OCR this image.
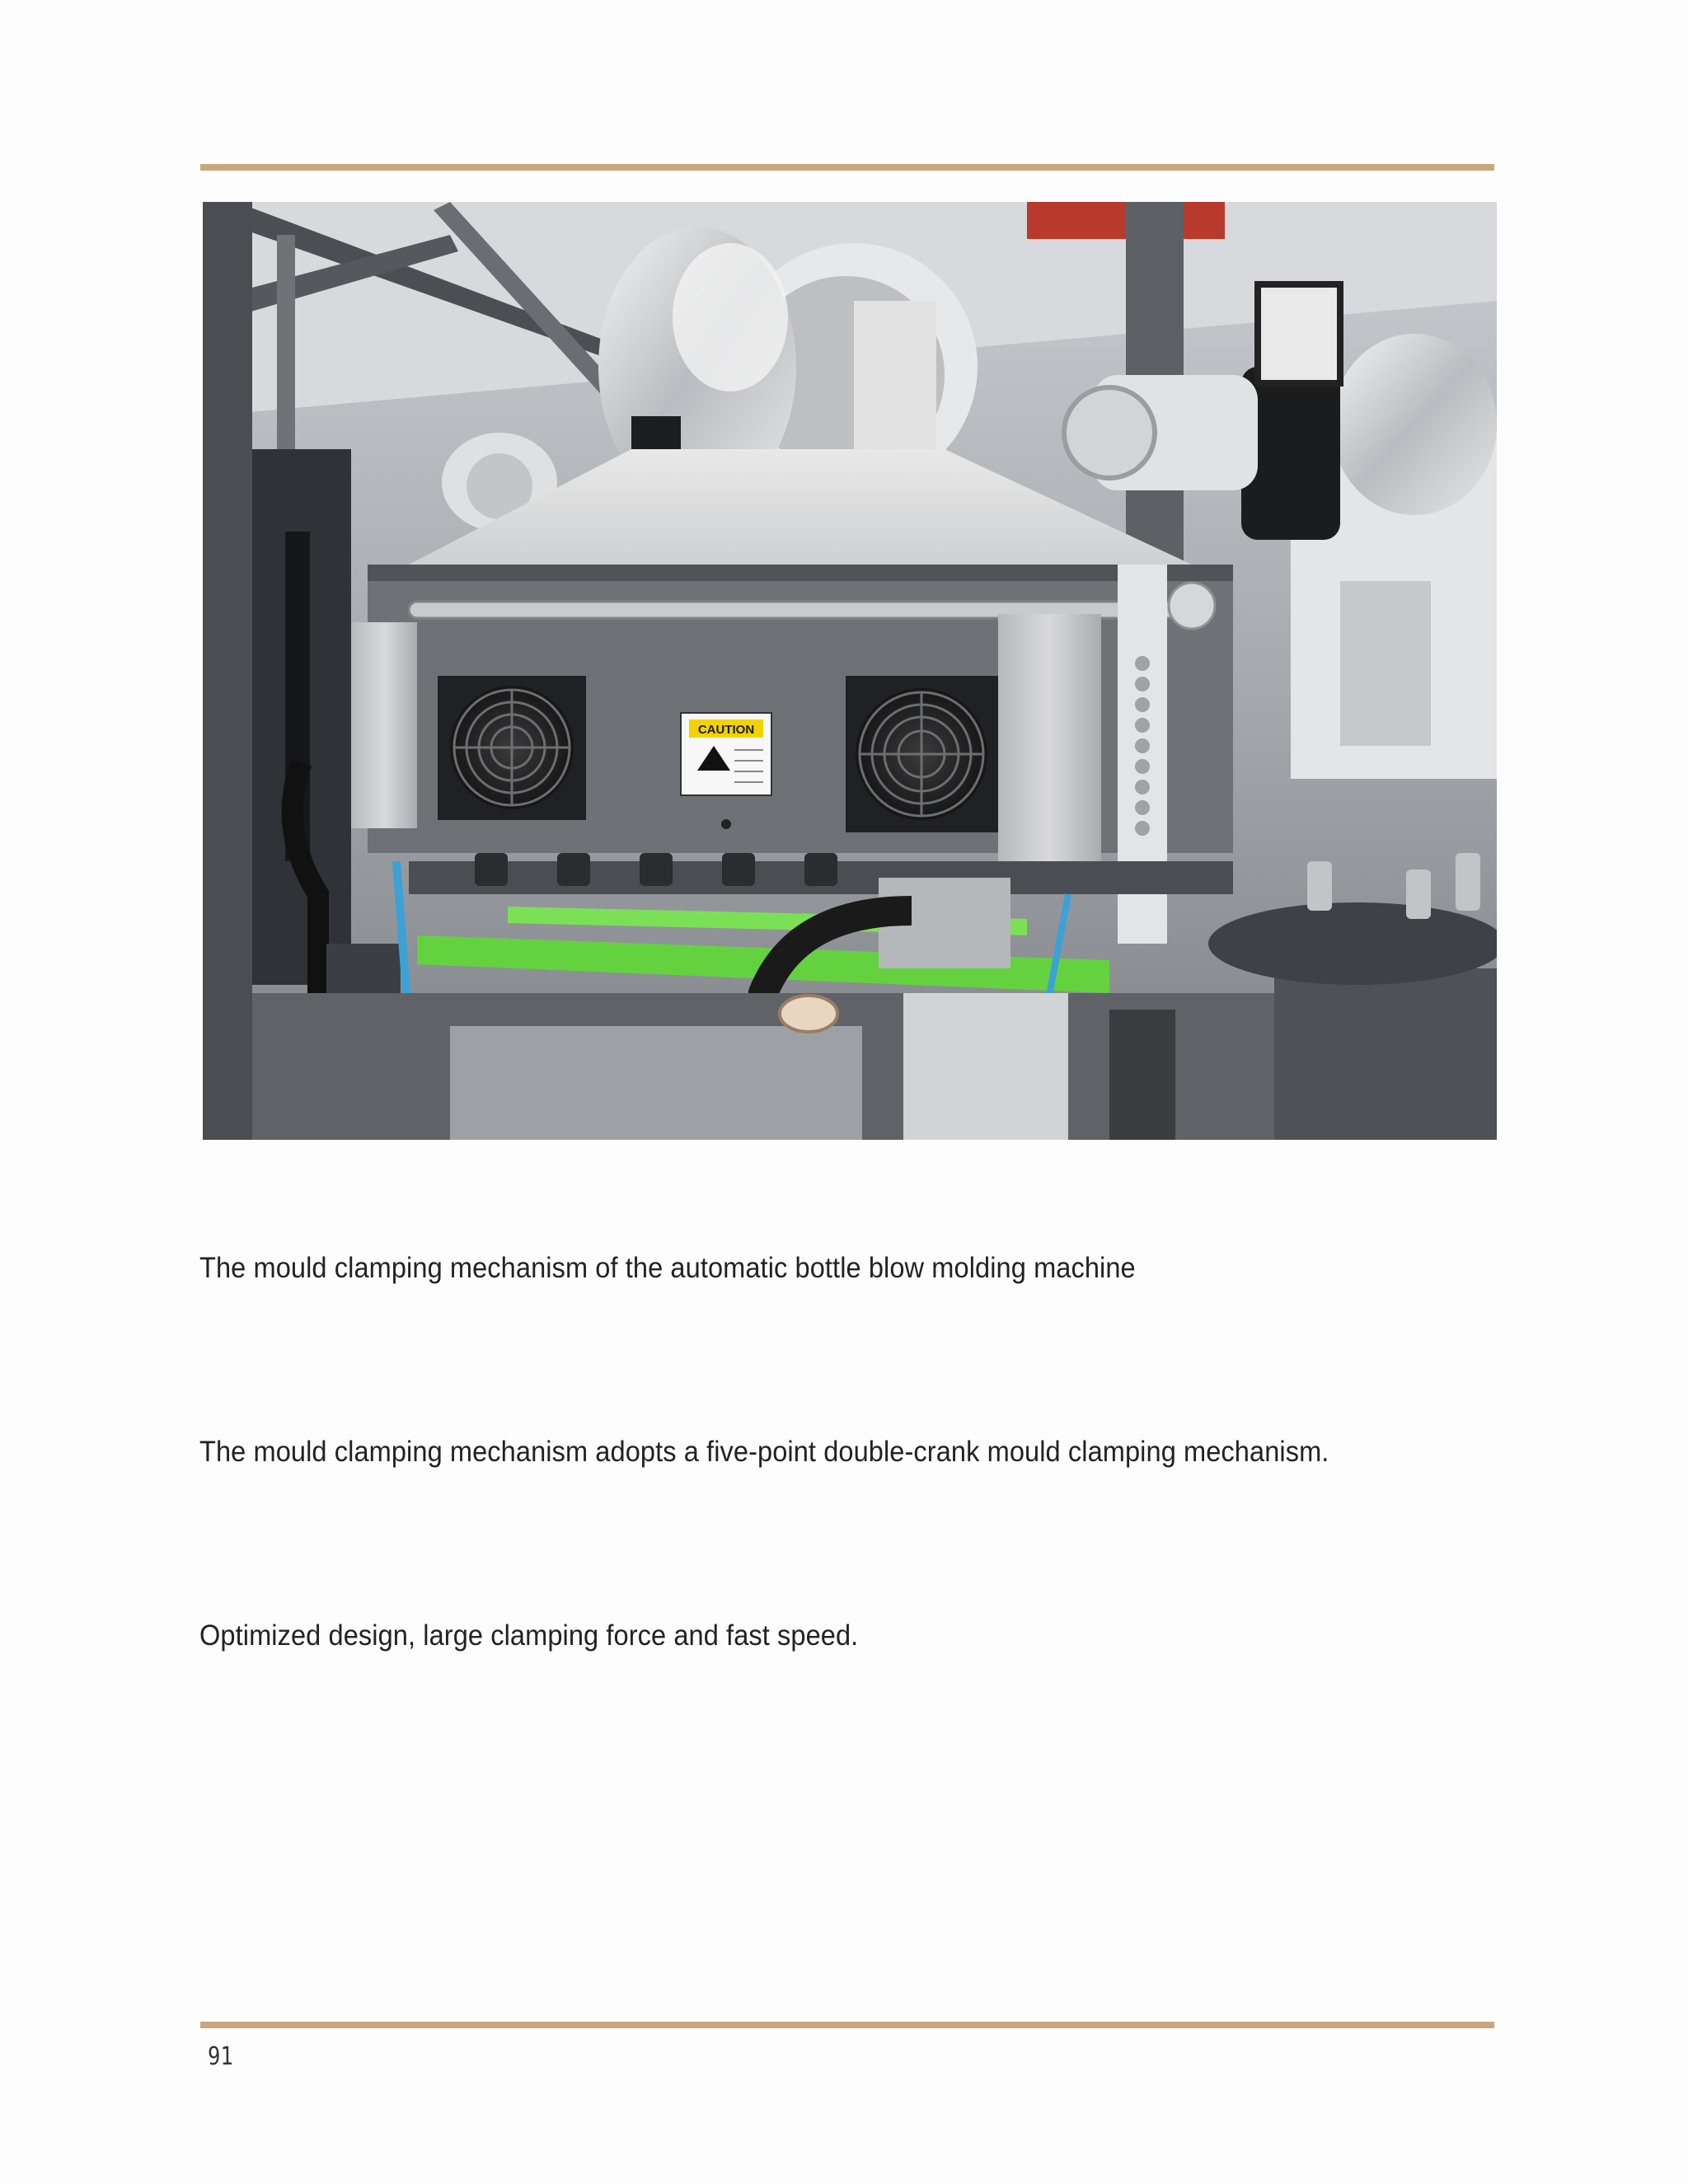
CAUTION
The mould clamping mechanism of the automatic bottle blow molding machine
The mould clamping mechanism adopts a five-point double-crank mould clamping mechanism.
Optimized design, large clamping force and fast speed.
91
